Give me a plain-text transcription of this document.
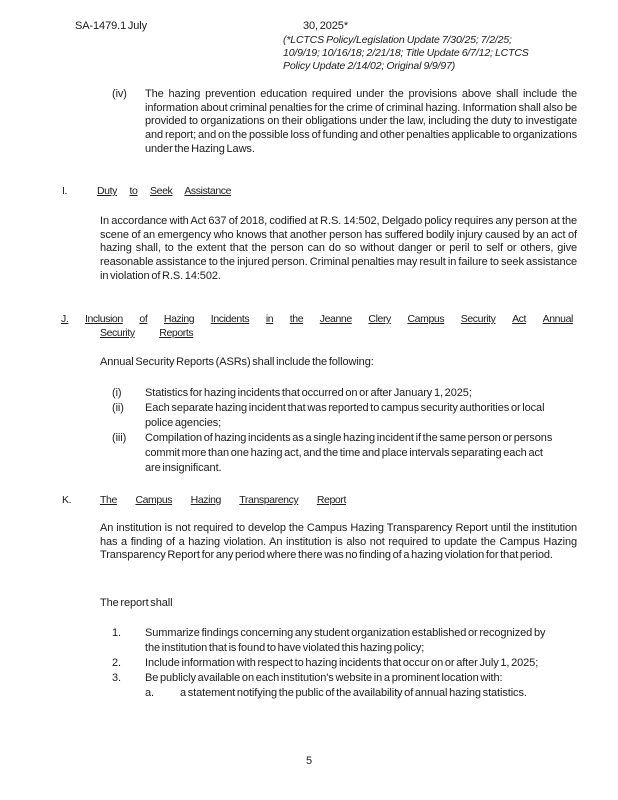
SA-1479.1 July	30, 2025*
(*LCTCS Policy/Legislation Update 7/30/25; 7/2/25;
10/9/19; 10/16/18; 2/21/18; Title Update 6/7/12; LCTCS
Policy Update 2/14/02; Original 9/9/97)
(iv) The hazing prevention education required under the provisions above shall include the information about criminal penalties for the crime of criminal hazing. Information shall also be provided to organizations on their obligations under the law, including the duty to investigate and report; and on the possible loss of funding and other penalties applicable to organizations under the Hazing Laws.
I.	Duty to Seek Assistance
In accordance with Act 637 of 2018, codified at R.S. 14:502, Delgado policy requires any person at the scene of an emergency who knows that another person has suffered bodily injury caused by an act of hazing shall, to the extent that the person can do so without danger or peril to self or others, give reasonable assistance to the injured person. Criminal penalties may result in failure to seek assistance in violation of R.S. 14:502.
J. Inclusion of Hazing Incidents in the Jeanne Clery Campus Security Act Annual
Security Reports
Annual Security Reports (ASRs) shall include the following:
(i) Statistics for hazing incidents that occurred on or after January 1, 2025;
(ii) Each separate hazing incident that was reported to campus security authorities or local police agencies;
(iii) Compilation of hazing incidents as a single hazing incident if the same person or persons commit more than one hazing act, and the time and place intervals separating each act are insignificant.
K.	The Campus Hazing Transparency Report
An institution is not required to develop the Campus Hazing Transparency Report until the institution has a finding of a hazing violation. An institution is also not required to update the Campus Hazing Transparency Report for any period where there was no finding of a hazing violation for that period.
The report shall
1. Summarize findings concerning any student organization established or recognized by the institution that is found to have violated this hazing policy;
2. Include information with respect to hazing incidents that occur on or after July 1, 2025;
3. Be publicly available on each institution's website in a prominent location with:
a. a statement notifying the public of the availability of annual hazing statistics.
5
